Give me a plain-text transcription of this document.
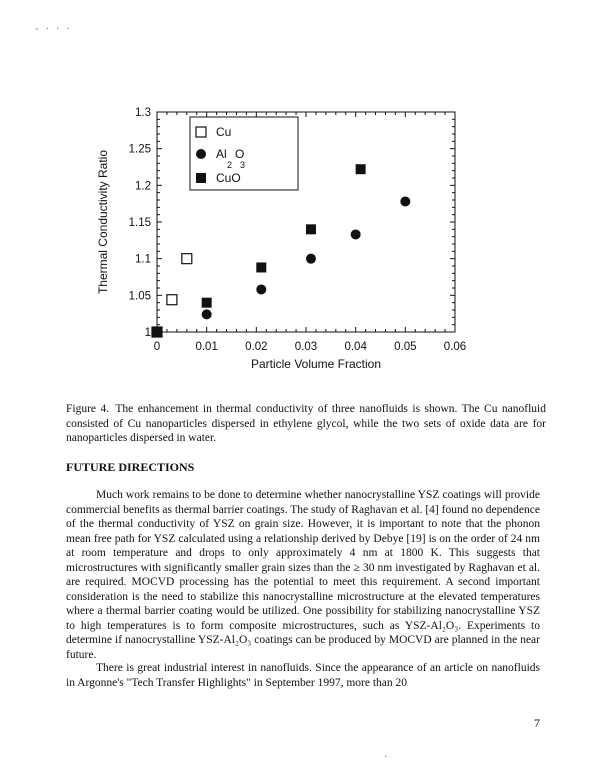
- · · ·
0	0.01 0.02 0.03 0.04 0.05 0.06
1
1.05
1.1
1.15
1.2
1.25
1.3
Particle Volume Fraction
Thermal Conductivity Ratio
Cu
Al O
2 3
CuO
Figure 4. The enhancement in thermal conductivity of three nanofluids is shown. The Cu nanofluid consisted of Cu nanoparticles dispersed in ethylene glycol, while the two sets of oxide data are for nanoparticles dispersed in water.
FUTURE DIRECTIONS

Much work remains to be done to determine whether nanocrystalline YSZ coatings will provide commercial benefits as thermal barrier coatings. The study of Raghavan et al. [4] found no dependence of the thermal conductivity of YSZ on grain size. However, it is important to note that the phonon mean free path for YSZ calculated using a relationship derived by Debye [19] is on the order of 24 nm at room temperature and drops to only approximately 4 nm at 1800 K. This suggests that microstructures with significantly smaller grain sizes than the ≥ 30 nm investigated by Raghavan et al. are required. MOCVD processing has the potential to meet this requirement. A second important consideration is the need to stabilize this nanocrystalline microstructure at the elevated temperatures where a thermal barrier coating would be utilized. One possibility for stabilizing nanocrystalline YSZ to high temperatures is to form composite microstructures, such as YSZ-Al₂O₃. Experiments to determine if nanocrystalline YSZ-Al₂O₃ coatings can be produced by MOCVD are planned in the near future.

There is great industrial interest in nanofluids. Since the appearance of an article on nanofluids in Argonne's "Tech Transfer Highlights" in September 1997, more than 20

7
·
